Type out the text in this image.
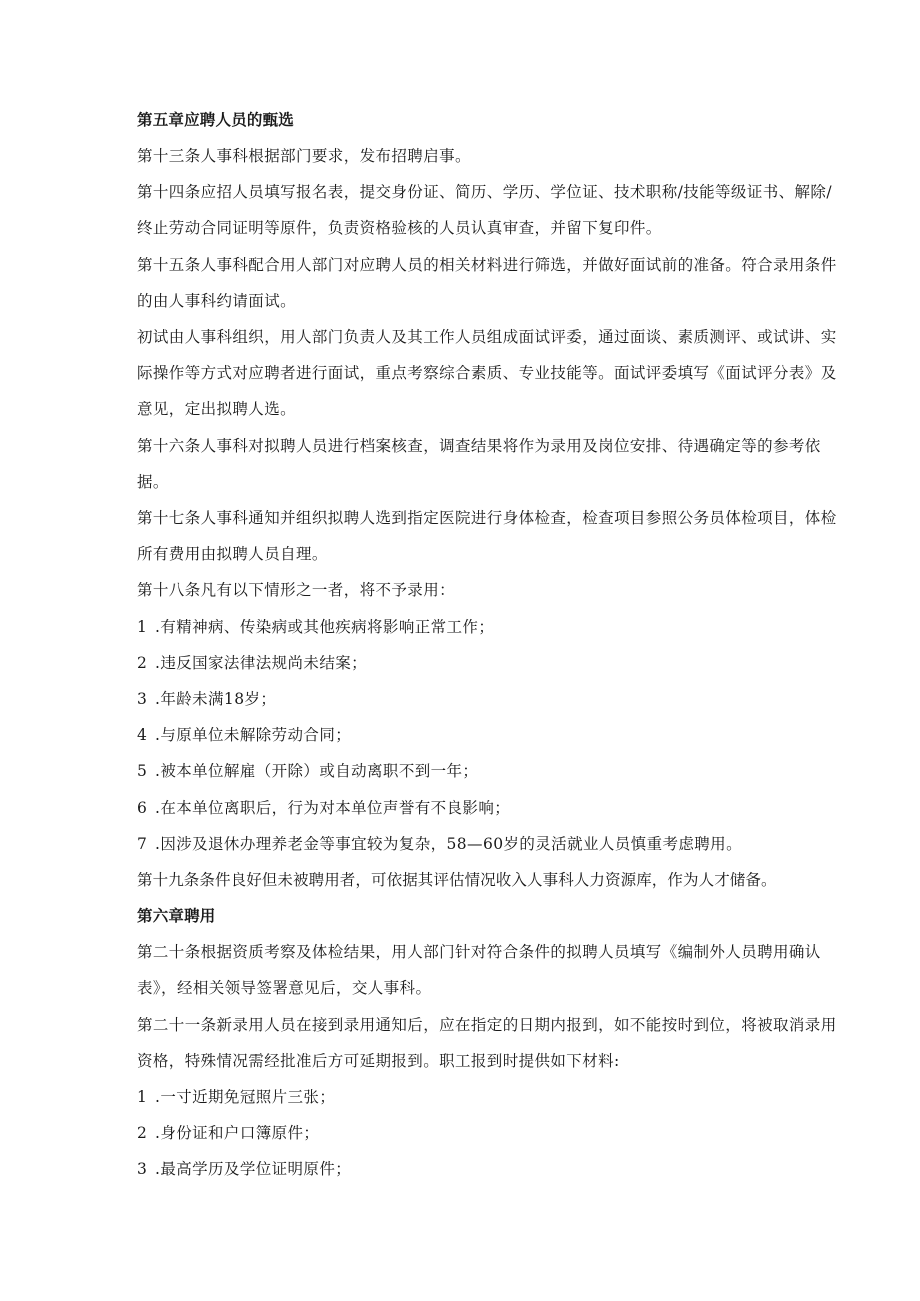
第五章应聘人员的甄选

第十三条人事科根据部门要求，发布招聘启事。

第十四条应招人员填写报名表，提交身份证、简历、学历、学位证、技术职称/技能等级证书、解除/终止劳动合同证明等原件，负责资格验核的人员认真审查，并留下复印件。

第十五条人事科配合用人部门对应聘人员的相关材料进行筛选，并做好面试前的准备。符合录用条件的由人事科约请面试。

初试由人事科组织，用人部门负责人及其工作人员组成面试评委，通过面谈、素质测评、或试讲、实际操作等方式对应聘者进行面试，重点考察综合素质、专业技能等。面试评委填写《面试评分表》及意见，定出拟聘人选。

第十六条人事科对拟聘人员进行档案核查，调查结果将作为录用及岗位安排、待遇确定等的参考依据。

第十七条人事科通知并组织拟聘人选到指定医院进行身体检查，检查项目参照公务员体检项目，体检所有费用由拟聘人员自理。

第十八条凡有以下情形之一者，将不予录用：

1 .有精神病、传染病或其他疾病将影响正常工作；

2 .违反国家法律法规尚未结案；

3 .年龄未满18岁；

4 .与原单位未解除劳动合同；

5 .被本单位解雇（开除）或自动离职不到一年；

6 .在本单位离职后，行为对本单位声誉有不良影响；

7 .因涉及退休办理养老金等事宜较为复杂，58—60岁的灵活就业人员慎重考虑聘用。

第十九条条件良好但未被聘用者，可依据其评估情况收入人事科人力资源库，作为人才储备。

第六章聘用

第二十条根据资质考察及体检结果，用人部门针对符合条件的拟聘人员填写《编制外人员聘用确认表》，经相关领导签署意见后，交人事科。

第二十一条新录用人员在接到录用通知后，应在指定的日期内报到，如不能按时到位，将被取消录用资格，特殊情况需经批准后方可延期报到。职工报到时提供如下材料:

1 .一寸近期免冠照片三张；

2 .身份证和户口簿原件；

3 .最高学历及学位证明原件；
